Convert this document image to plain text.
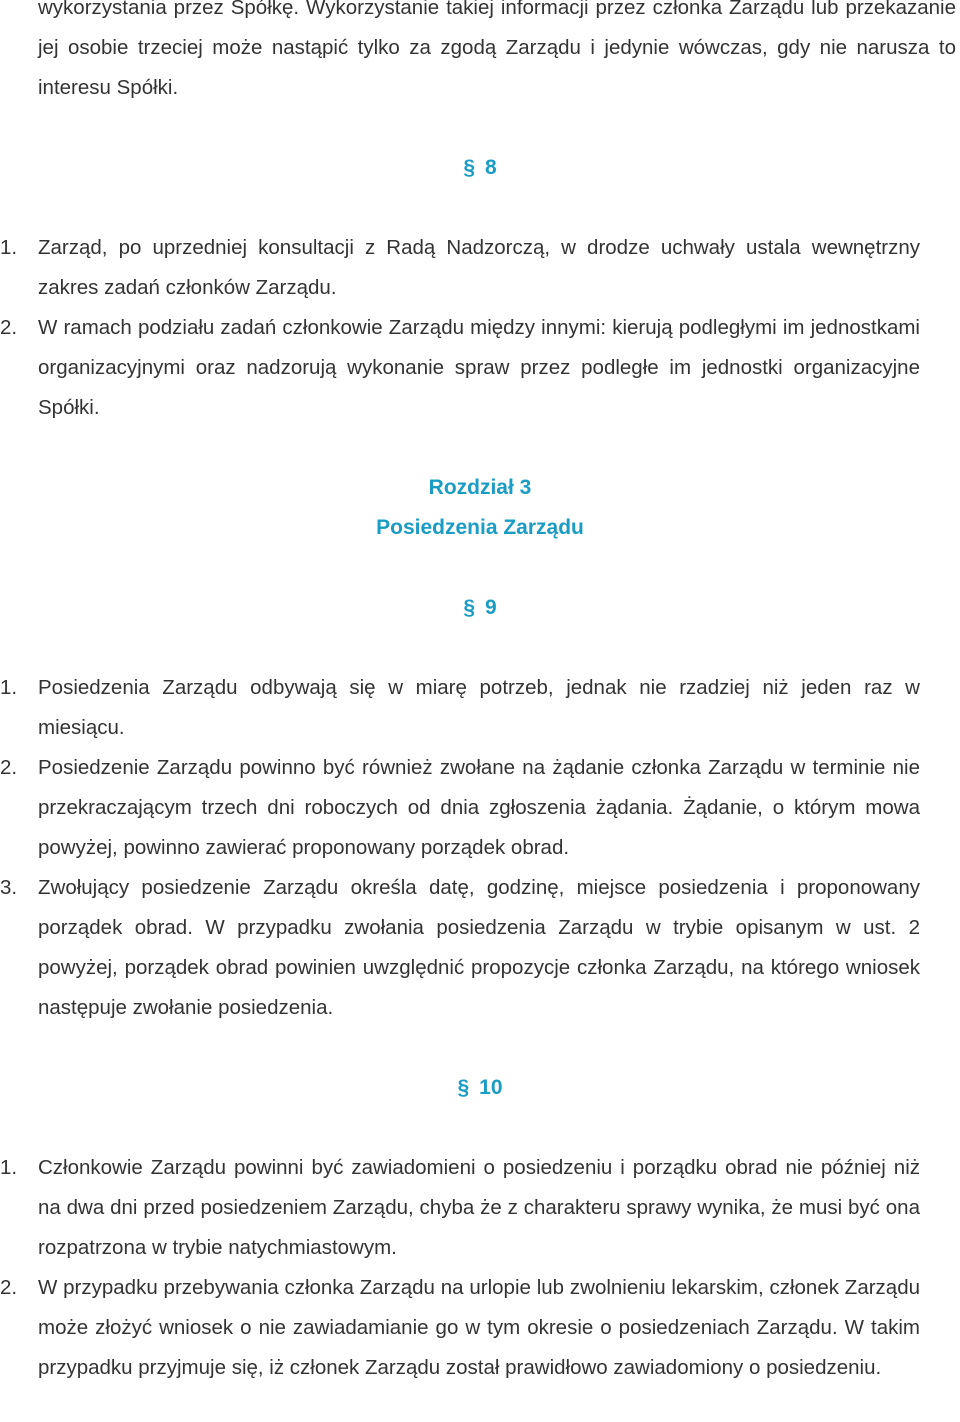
wykorzystania przez Spółkę. Wykorzystanie takiej informacji przez członka Zarządu lub przekazanie jej osobie trzeciej może nastąpić tylko za zgodą Zarządu i jedynie wówczas, gdy nie narusza to interesu Spółki.

§ 8
1.	Zarząd, po uprzedniej konsultacji z Radą Nadzorczą, w drodze uchwały ustala wewnętrzny zakres zadań członków Zarządu.

2.	W ramach podziału zadań członkowie Zarządu między innymi: kierują podległymi im jednostkami organizacyjnymi oraz nadzorują wykonanie spraw przez podległe im jednostki organizacyjne Spółki.

Rozdział 3
Posiedzenia Zarządu
§ 9
1.	Posiedzenia Zarządu odbywają się w miarę potrzeb, jednak nie rzadziej niż jeden raz w miesiącu.

2.	Posiedzenie Zarządu powinno być również zwołane na żądanie członka Zarządu w terminie nie przekraczającym trzech dni roboczych od dnia zgłoszenia żądania. Żądanie, o którym mowa powyżej, powinno zawierać proponowany porządek obrad.

3.	Zwołujący posiedzenie Zarządu określa datę, godzinę, miejsce posiedzenia i proponowany porządek obrad. W przypadku zwołania posiedzenia Zarządu w trybie opisanym w ust. 2 powyżej, porządek obrad powinien uwzględnić propozycje członka Zarządu, na którego wniosek następuje zwołanie posiedzenia.

§ 10
1.	Członkowie Zarządu powinni być zawiadomieni o posiedzeniu i porządku obrad nie później niż na dwa dni przed posiedzeniem Zarządu, chyba że z charakteru sprawy wynika, że musi być ona rozpatrzona w trybie natychmiastowym.

2.	W przypadku przebywania członka Zarządu na urlopie lub zwolnieniu lekarskim, członek Zarządu może złożyć wniosek o nie zawiadamianie go w tym okresie o posiedzeniach Zarządu. W takim przypadku przyjmuje się, iż członek Zarządu został prawidłowo zawiadomiony o posiedzeniu.
